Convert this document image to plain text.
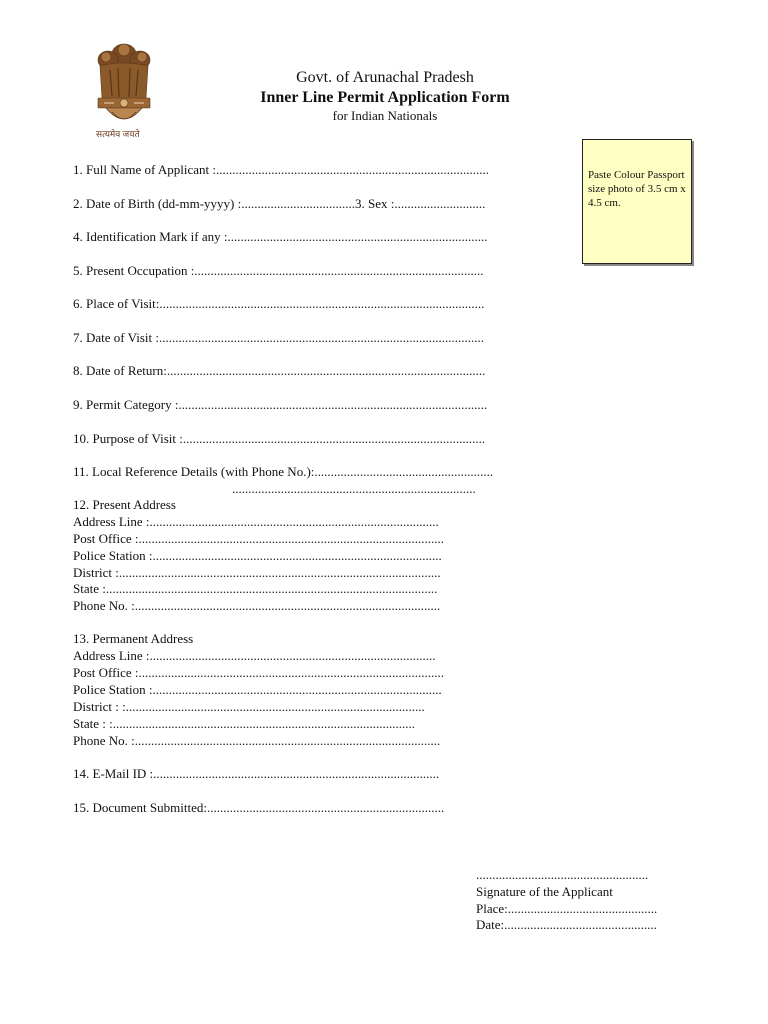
सत्यमेव जयते
Govt. of Arunachal Pradesh
Inner Line Permit Application Form
for Indian Nationals
Paste Colour Passport size photo of 3.5 cm x 4.5 cm.
1. Full Name of Applicant :....................................................................................
2. Date of Birth (dd-mm-yyyy) :...................................3. Sex :............................
4. Identification Mark if any :................................................................................
5. Present Occupation :.........................................................................................
6. Place of Visit:....................................................................................................
7. Date of Visit :....................................................................................................
8. Date of Return:..................................................................................................
9. Permit Category :...............................................................................................
10. Purpose of Visit :.............................................................................................
11. Local Reference Details (with Phone No.):.......................................................
...........................................................................
12. Present Address
Address Line :.........................................................................................
Post Office :..............................................................................................
Police Station :.........................................................................................
District :...................................................................................................
State :......................................................................................................
Phone No. :..............................................................................................
13. Permanent Address
Address Line :........................................................................................
Post Office :..............................................................................................
Police Station :.........................................................................................
District : :............................................................................................
State : :.............................................................................................
Phone No. :..............................................................................................
14. E-Mail ID :........................................................................................
15. Document Submitted:.........................................................................
.....................................................
Signature of the Applicant
Place:..............................................
Date:...............................................
